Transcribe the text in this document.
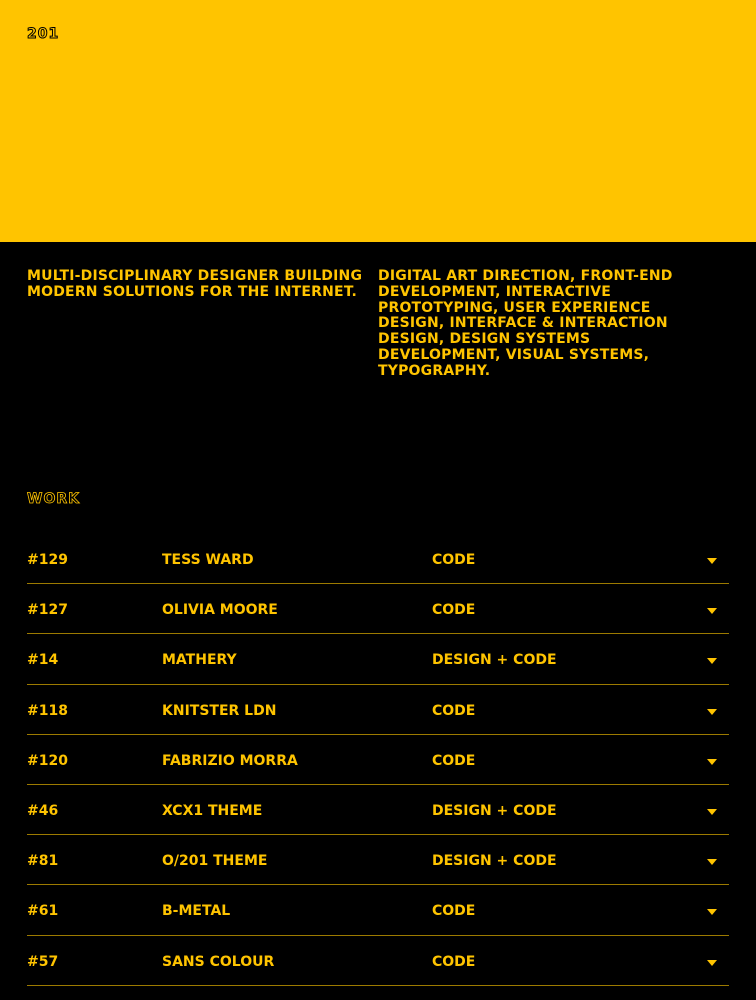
201

MULTI-DISCIPLINARY DESIGNER BUILDING MODERN SOLUTIONS FOR THE INTERNET.

DIGITAL ART DIRECTION, FRONT-END DEVELOPMENT, INTERACTIVE PROTOTYPING, USER EXPERIENCE DESIGN, INTERFACE & INTERACTION DESIGN, DESIGN SYSTEMS DEVELOPMENT, VISUAL SYSTEMS, TYPOGRAPHY.

WORK
#129	TESS WARD	CODE
#127	OLIVIA MOORE	CODE
#14	MATHERY	DESIGN + CODE
#118	KNITSTER LDN	CODE
#120	FABRIZIO MORRA	CODE
#46	XCX1 THEME	DESIGN + CODE
#81	O/201 THEME	DESIGN + CODE
#61	B-METAL	CODE
#57	SANS COLOUR	CODE
